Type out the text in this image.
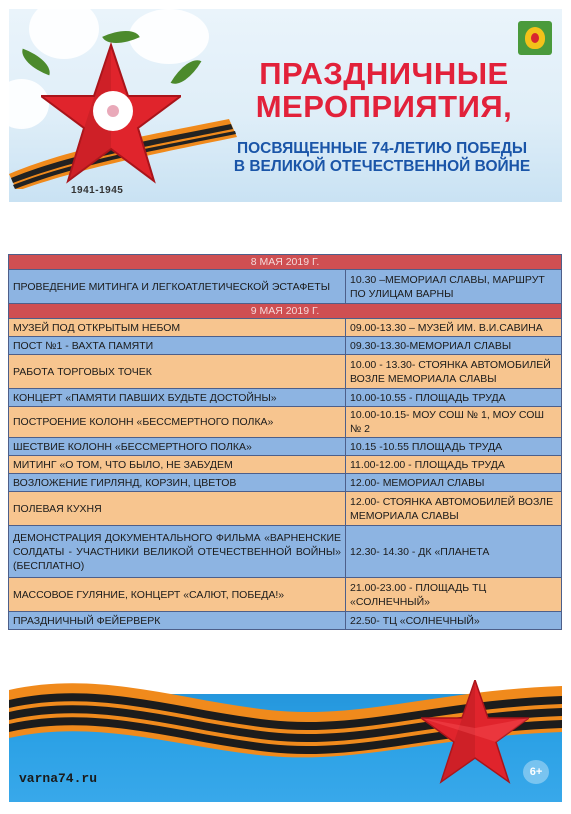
1941-1945
ПРАЗДНИЧНЫЕ
МЕРОПРИЯТИЯ,
ПОСВЯЩЕННЫЕ 74-ЛЕТИЮ ПОБЕДЫ
В ВЕЛИКОЙ ОТЕЧЕСТВЕННОЙ ВОЙНЕ
8 МАЯ 2019 Г.	
ПРОВЕДЕНИЕ МИТИНГА И ЛЕГКОАТЛЕТИЧЕСКОЙ ЭСТАФЕТЫ	10.30 –МЕМОРИАЛ СЛАВЫ, МАРШРУТ ПО УЛИЦАМ ВАРНЫ
9 МАЯ 2019 Г.	
МУЗЕЙ ПОД ОТКРЫТЫМ НЕБОМ	09.00-13.30 – МУЗЕЙ ИМ. В.И.САВИНА
ПОСТ №1 - ВАХТА ПАМЯТИ	09.30-13.30-МЕМОРИАЛ СЛАВЫ
РАБОТА ТОРГОВЫХ ТОЧЕК	10.00 - 13.30- СТОЯНКА АВТОМОБИЛЕЙ ВОЗЛЕ МЕМОРИАЛА СЛАВЫ
КОНЦЕРТ «ПАМЯТИ ПАВШИХ БУДЬТЕ ДОСТОЙНЫ»	10.00-10.55 - ПЛОЩАДЬ ТРУДА
ПОСТРОЕНИЕ КОЛОНН «БЕССМЕРТНОГО ПОЛКА»	10.00-10.15- МОУ СОШ № 1, МОУ СОШ № 2
ШЕСТВИЕ КОЛОНН «БЕССМЕРТНОГО ПОЛКА»	10.15 -10.55 ПЛОЩАДЬ ТРУДА
МИТИНГ «О ТОМ, ЧТО БЫЛО, НЕ ЗАБУДЕМ	11.00-12.00 - ПЛОЩАДЬ ТРУДА
ВОЗЛОЖЕНИЕ ГИРЛЯНД, КОРЗИН, ЦВЕТОВ	12.00- МЕМОРИАЛ СЛАВЫ
ПОЛЕВАЯ КУХНЯ	12.00- СТОЯНКА АВТОМОБИЛЕЙ ВОЗЛЕ МЕМОРИАЛА СЛАВЫ
ДЕМОНСТРАЦИЯ ДОКУМЕНТАЛЬНОГО ФИЛЬМА «ВАРНЕНСКИЕ СОЛДАТЫ - УЧАСТНИКИ ВЕЛИКОЙ ОТЕЧЕСТВЕННОЙ ВОЙНЫ» (БЕСПЛАТНО)	12.30- 14.30 - ДК «ПЛАНЕТА
МАССОВОЕ ГУЛЯНИЕ, КОНЦЕРТ «САЛЮТ, ПОБЕДА!»	21.00-23.00 - ПЛОЩАДЬ ТЦ «СОЛНЕЧНЫЙ»
ПРАЗДНИЧНЫЙ ФЕЙЕРВЕРК	22.50- ТЦ «СОЛНЕЧНЫЙ»
varna74.ru	6+
